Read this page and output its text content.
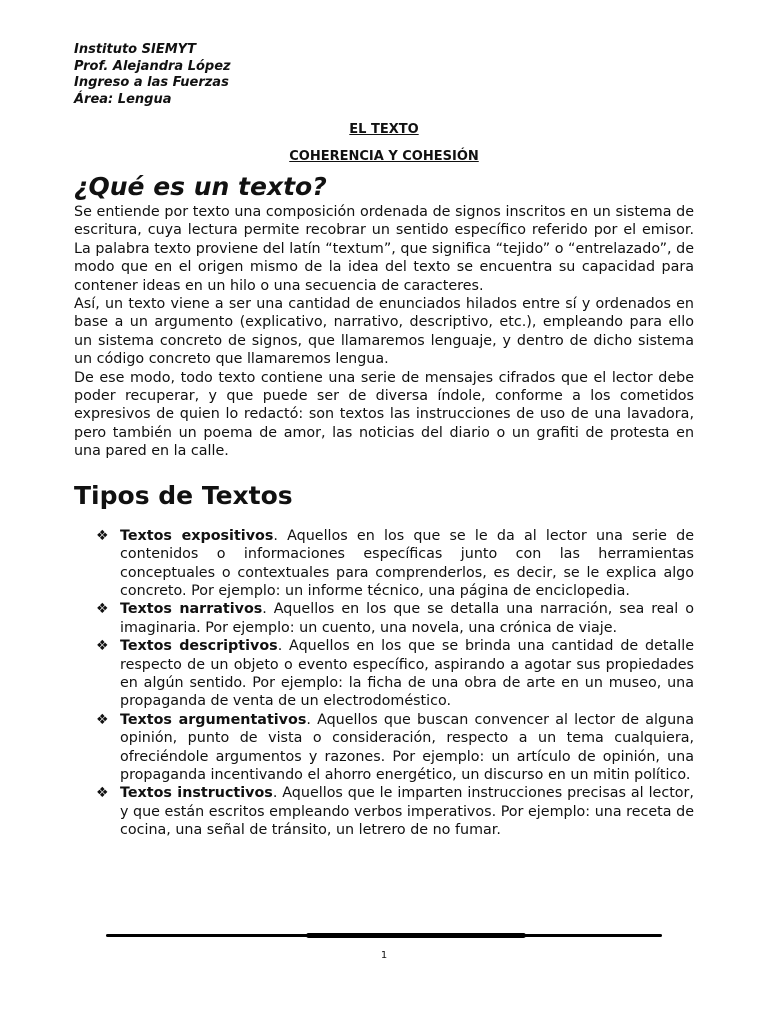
Instituto SIEMYT
Prof. Alejandra López
Ingreso a las Fuerzas
Área: Lengua
EL TEXTO
COHERENCIA Y COHESIÓN
¿Qué es un texto?

Se entiende por texto una composición ordenada de signos inscritos en un sistema de escritura, cuya lectura permite recobrar un sentido específico referido por el emisor. La palabra texto proviene del latín “textum”, que significa “tejido” o “entrelazado”, de modo que en el origen mismo de la idea del texto se encuentra su capacidad para contener ideas en un hilo o una secuencia de caracteres.

Así, un texto viene a ser una cantidad de enunciados hilados entre sí y ordenados en base a un argumento (explicativo, narrativo, descriptivo, etc.), empleando para ello un sistema concreto de signos, que llamaremos lenguaje, y dentro de dicho sistema un código concreto que llamaremos lengua.

De ese modo, todo texto contiene una serie de mensajes cifrados que el lector debe poder recuperar, y que puede ser de diversa índole, conforme a los cometidos expresivos de quien lo redactó: son textos las instrucciones de uso de una lavadora, pero también un poema de amor, las noticias del diario o un grafiti de protesta en una pared en la calle.

Tipos de Textos
❖ Textos expositivos. Aquellos en los que se le da al lector una serie de contenidos o informaciones específicas junto con las herramientas conceptuales o contextuales para comprenderlos, es decir, se le explica algo concreto. Por ejemplo: un informe técnico, una página de enciclopedia.
❖ Textos narrativos. Aquellos en los que se detalla una narración, sea real o imaginaria. Por ejemplo: un cuento, una novela, una crónica de viaje.
❖ Textos descriptivos. Aquellos en los que se brinda una cantidad de detalle respecto de un objeto o evento específico, aspirando a agotar sus propiedades en algún sentido. Por ejemplo: la ficha de una obra de arte en un museo, una propaganda de venta de un electrodoméstico.
❖ Textos argumentativos. Aquellos que buscan convencer al lector de alguna opinión, punto de vista o consideración, respecto a un tema cualquiera, ofreciéndole argumentos y razones. Por ejemplo: un artículo de opinión, una propaganda incentivando el ahorro energético, un discurso en un mitin político.
❖ Textos instructivos. Aquellos que le imparten instrucciones precisas al lector, y que están escritos empleando verbos imperativos. Por ejemplo: una receta de cocina, una señal de tránsito, un letrero de no fumar.
1
